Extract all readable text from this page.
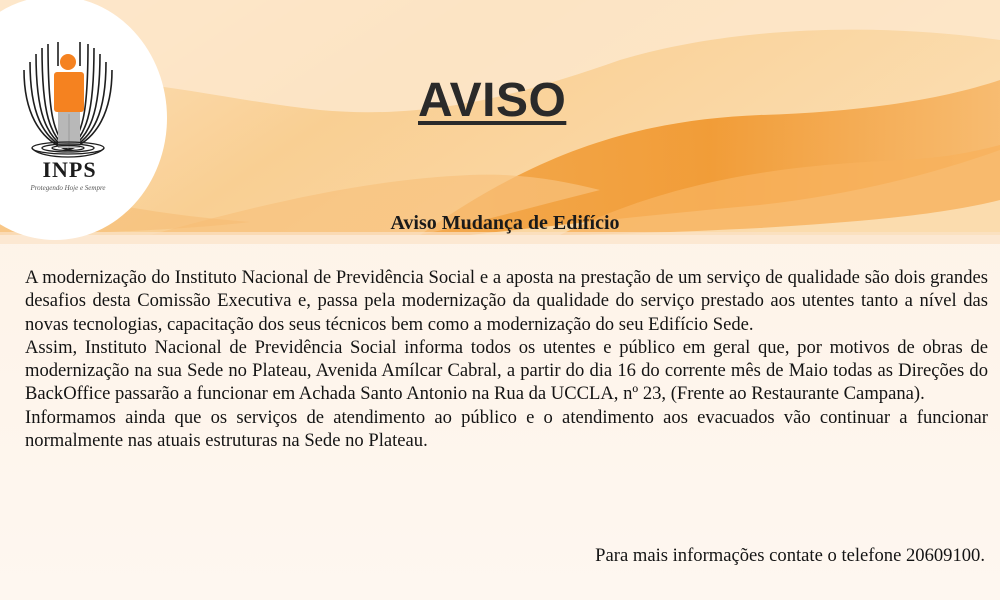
INPS
Protegendo Hoje e Sempre
AVISO
Aviso Mudança de Edifício

A modernização do Instituto Nacional de Previdência Social e a aposta na prestação de um serviço de qualidade são dois grandes desafios desta Comissão Executiva e, passa pela modernização da qualidade do serviço prestado aos utentes tanto a nível das novas tecnologias, capacitação dos seus técnicos bem como a modernização do seu Edifício Sede.

Assim, Instituto Nacional de Previdência Social informa todos os utentes e público em geral que, por motivos de obras de modernização na sua Sede no Plateau, Avenida Amílcar Cabral, a partir do dia 16 do corrente mês de Maio todas as Direções do BackOffice passarão a funcionar em Achada Santo Antonio na Rua da UCCLA, nº 23, (Frente ao Restaurante Campana).

Informamos ainda que os serviços de atendimento ao público e o atendimento aos evacuados vão continuar a funcionar normalmente nas atuais estruturas na Sede no Plateau.

Para mais informações contate o telefone 20609100.
